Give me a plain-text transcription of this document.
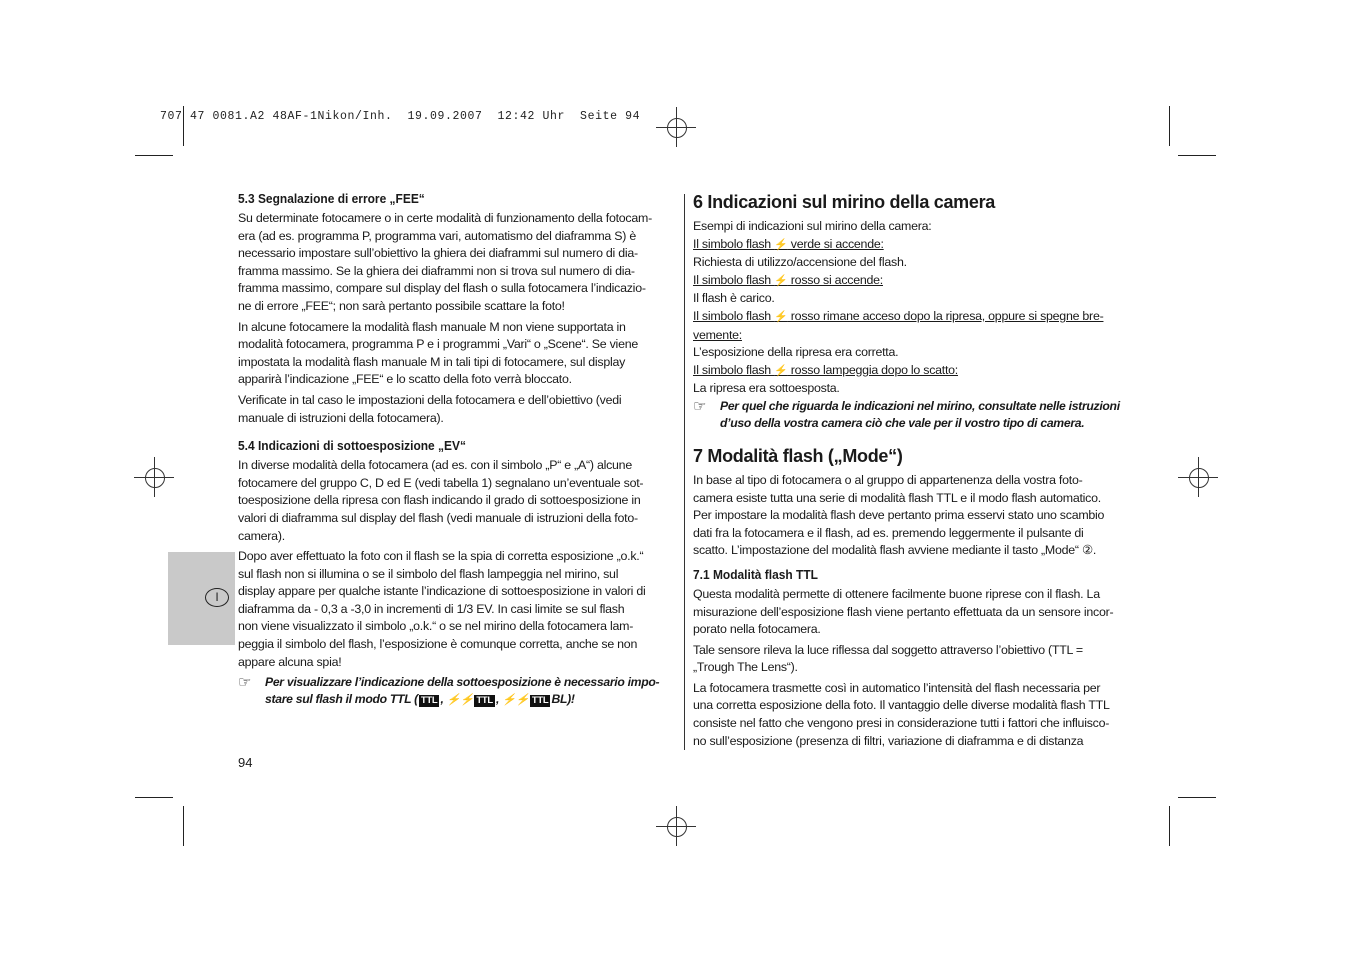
707 47 0081.A2 48AF-1Nikon/Inh.  19.09.2007  12:42 Uhr  Seite 94
I
5.3 Segnalazione di errore „FEE“
Su determinate fotocamere o in certe modalità di funzionamento della fotocam-
era (ad es. programma P, programma vari, automatismo del diaframma S) è
necessario impostare sull’obiettivo la ghiera dei diaframmi sul numero di dia-
framma massimo. Se la ghiera dei diaframmi non si trova sul numero di dia-
framma massimo, compare sul display del flash o sulla fotocamera l’indicazio-
ne di errore „FEE“; non sarà pertanto possibile scattare la foto!
In alcune fotocamere la modalità flash manuale M non viene supportata in
modalità fotocamera, programma P e i programmi „Vari“ o „Scene“. Se viene
impostata la modalità flash manuale M in tali tipi di fotocamere, sul display
apparirà l’indicazione „FEE“ e lo scatto della foto verrà bloccato.
Verificate in tal caso le impostazioni della fotocamera e dell’obiettivo (vedi
manuale di istruzioni della fotocamera).
5.4 Indicazioni di sottoesposizione „EV“
In diverse modalità della fotocamera (ad es. con il simbolo „P“ e „A“) alcune
fotocamere del gruppo C, D ed E (vedi tabella 1) segnalano un’eventuale sot-
toesposizione della ripresa con flash indicando il grado di sottoesposizione in
valori di diaframma sul display del flash (vedi manuale di istruzioni della foto-
camera).
Dopo aver effettuato la foto con il flash se la spia di corretta esposizione „o.k.“
sul flash non si illumina o se il simbolo del flash lampeggia nel mirino, sul
display appare per qualche istante l’indicazione di sottoesposizione in valori di
diaframma da - 0,3 a -3,0 in incrementi di 1/3 EV. In casi limite se sul flash
non viene visualizzato il simbolo „o.k.“ o se nel mirino della fotocamera lam-
peggia il simbolo del flash, l’esposizione è comunque corretta, anche se non
appare alcuna spia!
☞ Per visualizzare l’indicazione della sottoesposizione è necessario impo-
stare sul flash il modo TTL ( TTL , ⚡⚡ TTL , ⚡⚡ TTL BL)!
94
6 Indicazioni sul mirino della camera
Esempi di indicazioni sul mirino della camera:
Il simbolo flash ⚡ verde si accende:
Richiesta di utilizzo/accensione del flash.
Il simbolo flash ⚡ rosso si accende:
Il flash è carico.
Il simbolo flash ⚡ rosso rimane acceso dopo la ripresa, oppure si spegne bre-
vemente:
L’esposizione della ripresa era corretta.
Il simbolo flash ⚡ rosso lampeggia dopo lo scatto:
La ripresa era sottoesposta.
☞ Per quel che riguarda le indicazioni nel mirino, consultate nelle istruzioni
d’uso della vostra camera ciò che vale per il vostro tipo di camera.
7 Modalità flash („Mode“)
In base al tipo di fotocamera o al gruppo di appartenenza della vostra foto-
camera esiste tutta una serie di modalità flash TTL e il modo flash automatico.
Per impostare la modalità flash deve pertanto prima esservi stato uno scambio
dati fra la fotocamera e il flash, ad es. premendo leggermente il pulsante di
scatto. L’impostazione del modalità flash avviene mediante il tasto „Mode“ ②.
7.1 Modalità flash TTL
Questa modalità permette di ottenere facilmente buone riprese con il flash. La
misurazione dell’esposizione flash viene pertanto effettuata da un sensore incor-
porato nella fotocamera.
Tale sensore rileva la luce riflessa dal soggetto attraverso l’obiettivo (TTL =
„Trough The Lens“).
La fotocamera trasmette così in automatico l’intensità del flash necessaria per
una corretta esposizione della foto. Il vantaggio delle diverse modalità flash TTL
consiste nel fatto che vengono presi in considerazione tutti i fattori che influisco-
no sull’esposizione (presenza di filtri, variazione di diaframma e di distanza
